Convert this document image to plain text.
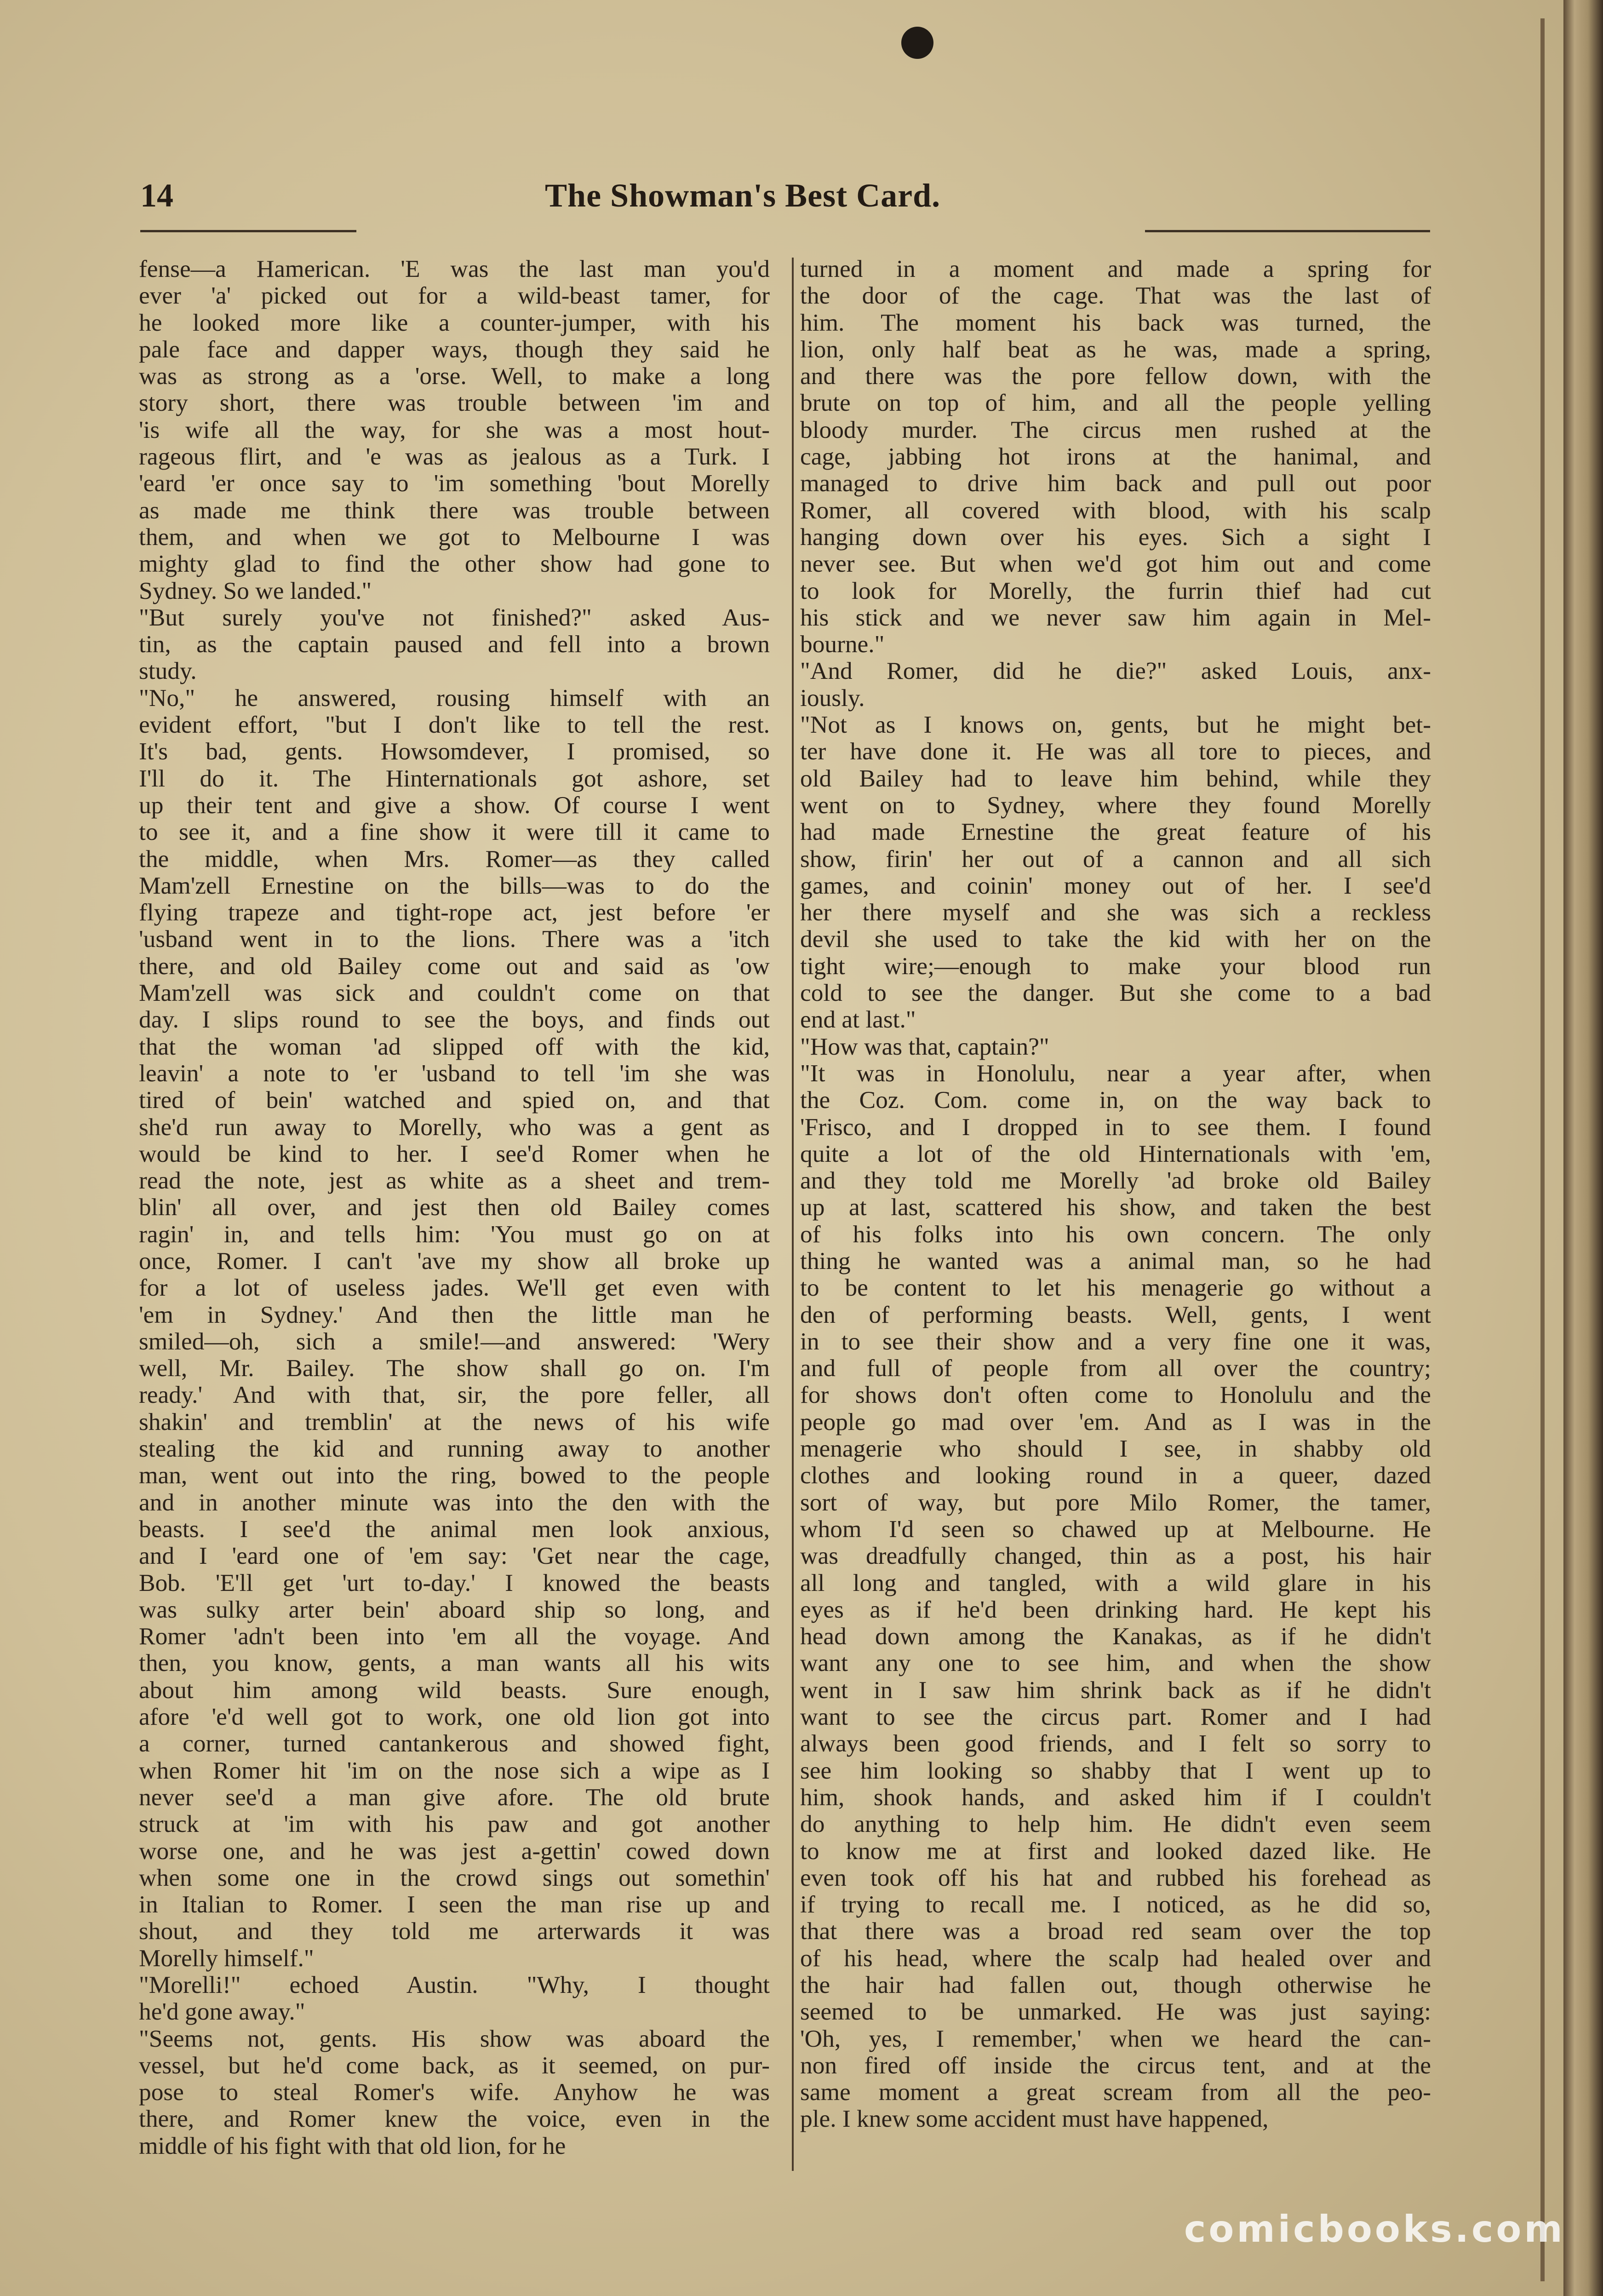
14	The Showman's Best Card.
fense—a Hamerican. 'E was the last man you'd
ever 'a' picked out for a wild-beast tamer, for
he looked more like a counter-jumper, with his
pale face and dapper ways, though they said he
was as strong as a 'orse. Well, to make a long
story short, there was trouble between 'im and
'is wife all the way, for she was a most hout-
rageous flirt, and 'e was as jealous as a Turk. I
'eard 'er once say to 'im something 'bout Morelly
as made me think there was trouble between
them, and when we got to Melbourne I was
mighty glad to find the other show had gone to
Sydney. So we landed."
"But surely you've not finished?" asked Aus-
tin, as the captain paused and fell into a brown
study.
"No," he answered, rousing himself with an
evident effort, "but I don't like to tell the rest.
It's bad, gents. Howsomdever, I promised, so
I'll do it. The Hinternationals got ashore, set
up their tent and give a show. Of course I went
to see it, and a fine show it were till it came to
the middle, when Mrs. Romer—as they called
Mam'zell Ernestine on the bills—was to do the
flying trapeze and tight-rope act, jest before 'er
'usband went in to the lions. There was a 'itch
there, and old Bailey come out and said as 'ow
Mam'zell was sick and couldn't come on that
day. I slips round to see the boys, and finds out
that the woman 'ad slipped off with the kid,
leavin' a note to 'er 'usband to tell 'im she was
tired of bein' watched and spied on, and that
she'd run away to Morelly, who was a gent as
would be kind to her. I see'd Romer when he
read the note, jest as white as a sheet and trem-
blin' all over, and jest then old Bailey comes
ragin' in, and tells him: 'You must go on at
once, Romer. I can't 'ave my show all broke up
for a lot of useless jades. We'll get even with
'em in Sydney.' And then the little man he
smiled—oh, sich a smile!—and answered: 'Wery
well, Mr. Bailey. The show shall go on. I'm
ready.' And with that, sir, the pore feller, all
shakin' and tremblin' at the news of his wife
stealing the kid and running away to another
man, went out into the ring, bowed to the people
and in another minute was into the den with the
beasts. I see'd the animal men look anxious,
and I 'eard one of 'em say: 'Get near the cage,
Bob. 'E'll get 'urt to-day.' I knowed the beasts
was sulky arter bein' aboard ship so long, and
Romer 'adn't been into 'em all the voyage. And
then, you know, gents, a man wants all his wits
about him among wild beasts. Sure enough,
afore 'e'd well got to work, one old lion got into
a corner, turned cantankerous and showed fight,
when Romer hit 'im on the nose sich a wipe as I
never see'd a man give afore. The old brute
struck at 'im with his paw and got another
worse one, and he was jest a-gettin' cowed down
when some one in the crowd sings out somethin'
in Italian to Romer. I seen the man rise up and
shout, and they told me arterwards it was
Morelly himself."
"Morelli!" echoed Austin. "Why, I thought
he'd gone away."
"Seems not, gents. His show was aboard the
vessel, but he'd come back, as it seemed, on pur-
pose to steal Romer's wife. Anyhow he was
there, and Romer knew the voice, even in the
middle of his fight with that old lion, for he
turned in a moment and made a spring for
the door of the cage. That was the last of
him. The moment his back was turned, the
lion, only half beat as he was, made a spring,
and there was the pore fellow down, with the
brute on top of him, and all the people yelling
bloody murder. The circus men rushed at the
cage, jabbing hot irons at the hanimal, and
managed to drive him back and pull out poor
Romer, all covered with blood, with his scalp
hanging down over his eyes. Sich a sight I
never see. But when we'd got him out and come
to look for Morelly, the furrin thief had cut
his stick and we never saw him again in Mel-
bourne."
"And Romer, did he die?" asked Louis, anx-
iously.
"Not as I knows on, gents, but he might bet-
ter have done it. He was all tore to pieces, and
old Bailey had to leave him behind, while they
went on to Sydney, where they found Morelly
had made Ernestine the great feature of his
show, firin' her out of a cannon and all sich
games, and coinin' money out of her. I see'd
her there myself and she was sich a reckless
devil she used to take the kid with her on the
tight wire;—enough to make your blood run
cold to see the danger. But she come to a bad
end at last."
"How was that, captain?"
"It was in Honolulu, near a year after, when
the Coz. Com. come in, on the way back to
'Frisco, and I dropped in to see them. I found
quite a lot of the old Hinternationals with 'em,
and they told me Morelly 'ad broke old Bailey
up at last, scattered his show, and taken the best
of his folks into his own concern. The only
thing he wanted was a animal man, so he had
to be content to let his menagerie go without a
den of performing beasts. Well, gents, I went
in to see their show and a very fine one it was,
and full of people from all over the country;
for shows don't often come to Honolulu and the
people go mad over 'em. And as I was in the
menagerie who should I see, in shabby old
clothes and looking round in a queer, dazed
sort of way, but pore Milo Romer, the tamer,
whom I'd seen so chawed up at Melbourne. He
was dreadfully changed, thin as a post, his hair
all long and tangled, with a wild glare in his
eyes as if he'd been drinking hard. He kept his
head down among the Kanakas, as if he didn't
want any one to see him, and when the show
went in I saw him shrink back as if he didn't
want to see the circus part. Romer and I had
always been good friends, and I felt so sorry to
see him looking so shabby that I went up to
him, shook hands, and asked him if I couldn't
do anything to help him. He didn't even seem
to know me at first and looked dazed like. He
even took off his hat and rubbed his forehead as
if trying to recall me. I noticed, as he did so,
that there was a broad red seam over the top
of his head, where the scalp had healed over and
the hair had fallen out, though otherwise he
seemed to be unmarked. He was just saying:
'Oh, yes, I remember,' when we heard the can-
non fired off inside the circus tent, and at the
same moment a great scream from all the peo-
ple. I knew some accident must have happened,
comicbooks.com
